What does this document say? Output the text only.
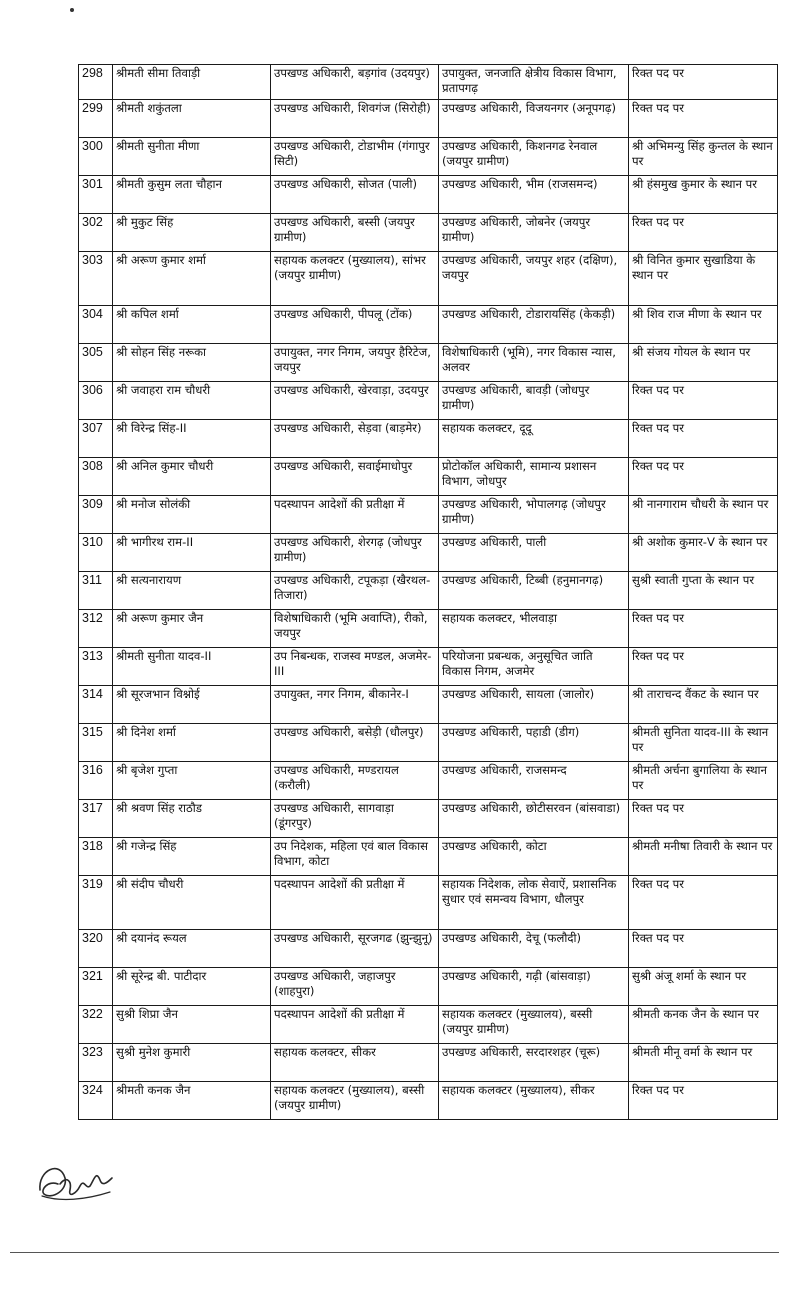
298	श्रीमती सीमा तिवाड़ी	उपखण्ड अधिकारी, बड़गांव (उदयपुर)	उपायुक्त, जनजाति क्षेत्रीय विकास विभाग, प्रतापगढ़	रिक्त पद पर
299	श्रीमती शकुंतला	उपखण्ड अधिकारी, शिवगंज (सिरोही)	उपखण्ड अधिकारी, विजयनगर (अनूपगढ़)	रिक्त पद पर
300	श्रीमती सुनीता मीणा	उपखण्ड अधिकारी, टोडाभीम (गंगापुर सिटी)	उपखण्ड अधिकारी, किशनगढ रेनवाल (जयपुर ग्रामीण)	श्री अभिमन्यु सिंह कुन्तल के स्थान पर
301	श्रीमती कुसुम लता चौहान	उपखण्ड अधिकारी, सोजत (पाली)	उपखण्ड अधिकारी, भीम (राजसमन्द)	श्री हंसमुख कुमार के स्थान पर
302	श्री मुकुट सिंह	उपखण्ड अधिकारी, बस्सी (जयपुर ग्रामीण)	उपखण्ड अधिकारी, जोबनेर (जयपुर ग्रामीण)	रिक्त पद पर
303	श्री अरूण कुमार शर्मा	सहायक कलक्टर (मुख्यालय), सांभर (जयपुर ग्रामीण)	उपखण्ड अधिकारी, जयपुर शहर (दक्षिण), जयपुर	श्री विनित कुमार सुखाडिया के स्थान पर
304	श्री कपिल शर्मा	उपखण्ड अधिकारी, पीपलू (टोंक)	उपखण्ड अधिकारी, टोडारायसिंह (केकड़ी)	श्री शिव राज मीणा के स्थान पर
305	श्री सोहन सिंह नरूका	उपायुक्त, नगर निगम, जयपुर हैरिटेज, जयपुर	विशेषाधिकारी (भूमि), नगर विकास न्यास, अलवर	श्री संजय गोयल के स्थान पर
306	श्री जवाहरा राम चौधरी	उपखण्ड अधिकारी, खेरवाड़ा, उदयपुर	उपखण्ड अधिकारी, बावड़ी (जोधपुर ग्रामीण)	रिक्त पद पर
307	श्री विरेन्द्र सिंह-II	उपखण्ड अधिकारी, सेड़वा (बाड़मेर)	सहायक कलक्टर, दूदू	रिक्त पद पर
308	श्री अनिल कुमार चौधरी	उपखण्ड अधिकारी, सवाईमाधोपुर	प्रोटोकॉल अधिकारी, सामान्य प्रशासन विभाग, जोधपुर	रिक्त पद पर
309	श्री मनोज सोलंकी	पदस्थापन आदेशों की प्रतीक्षा में	उपखण्ड अधिकारी, भोपालगढ़ (जोधपुर ग्रामीण)	श्री नानगाराम चौधरी के स्थान पर
310	श्री भागीरथ राम-II	उपखण्ड अधिकारी, शेरगढ़ (जोधपुर ग्रामीण)	उपखण्ड अधिकारी, पाली	श्री अशोक कुमार-V के स्थान पर
311	श्री सत्यनारायण	उपखण्ड अधिकारी, टपूकड़ा (खैरथल-तिजारा)	उपखण्ड अधिकारी, टिब्बी (हनुमानगढ़)	सुश्री स्वाती गुप्ता के स्थान पर
312	श्री अरूण कुमार जैन	विशेषाधिकारी (भूमि अवाप्ति), रीको, जयपुर	सहायक कलक्टर, भीलवाड़ा	रिक्त पद पर
313	श्रीमती सुनीता यादव-II	उप निबन्धक, राजस्व मण्डल, अजमेर-III	परियोजना प्रबन्धक, अनुसूचित जाति विकास निगम, अजमेर	रिक्त पद पर
314	श्री सूरजभान विश्नोई	उपायुक्त, नगर निगम, बीकानेर-I	उपखण्ड अधिकारी, सायला (जालोर)	श्री ताराचन्द वैंकट के स्थान पर
315	श्री दिनेश शर्मा	उपखण्ड अधिकारी, बसेड़ी (धौलपुर)	उपखण्ड अधिकारी, पहाडी (डीग)	श्रीमती सुनिता यादव-III के स्थान पर
316	श्री बृजेश गुप्ता	उपखण्ड अधिकारी, मण्डरायल (करौली)	उपखण्ड अधिकारी, राजसमन्द	श्रीमती अर्चना बुगालिया के स्थान पर
317	श्री श्रवण सिंह राठौड	उपखण्ड अधिकारी, सागवाड़ा (डूंगरपुर)	उपखण्ड अधिकारी, छोटीसरवन (बांसवाडा)	रिक्त पद पर
318	श्री गजेन्द्र सिंह	उप निदेशक, महिला एवं बाल विकास विभाग, कोटा	उपखण्ड अधिकारी, कोटा	श्रीमती मनीषा तिवारी के स्थान पर
319	श्री संदीप चौधरी	पदस्थापन आदेशों की प्रतीक्षा में	सहायक निदेशक, लोक सेवाऐं, प्रशासनिक सुधार एवं समन्वय विभाग, धौलपुर	रिक्त पद पर
320	श्री दयानंद रूयल	उपखण्ड अधिकारी, सूरजगढ (झुन्झुनू)	उपखण्ड अधिकारी, देचू (फलौदी)	रिक्त पद पर
321	श्री सूरेन्द्र बी. पाटीदार	उपखण्ड अधिकारी, जहाजपुर (शाहपुरा)	उपखण्ड अधिकारी, गढ़ी (बांसवाड़ा)	सुश्री अंजू शर्मा के स्थान पर
322	सुश्री शिप्रा जैन	पदस्थापन आदेशों की प्रतीक्षा में	सहायक कलक्टर (मुख्यालय), बस्सी (जयपुर ग्रामीण)	श्रीमती कनक जैन के स्थान पर
323	सुश्री मुनेश कुमारी	सहायक कलक्टर, सीकर	उपखण्ड अधिकारी, सरदारशहर (चूरू)	श्रीमती मीनू वर्मा के स्थान पर
324	श्रीमती कनक जैन	सहायक कलक्टर (मुख्यालय), बस्सी (जयपुर ग्रामीण)	सहायक कलक्टर (मुख्यालय), सीकर	रिक्त पद पर
